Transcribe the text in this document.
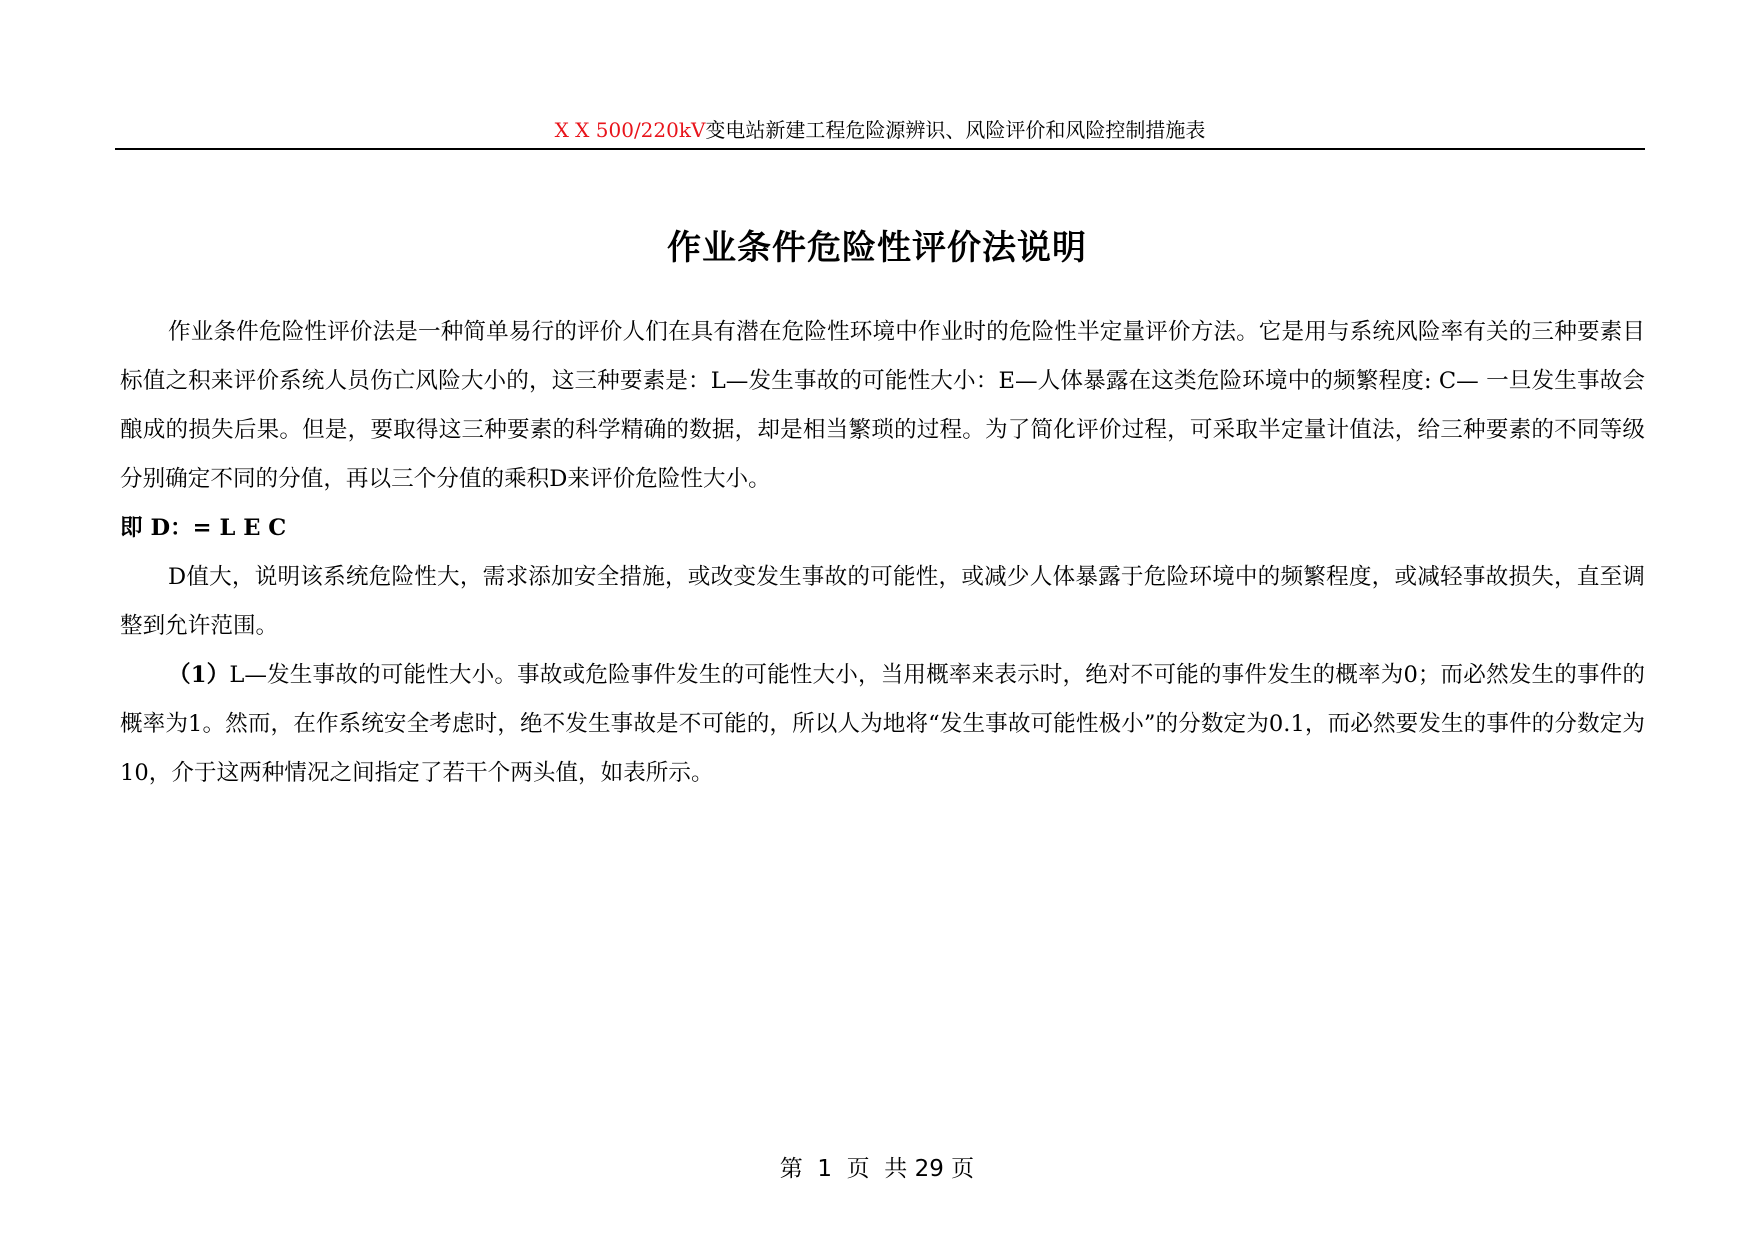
X X 500/220kV变电站新建工程危险源辨识、风险评价和风险控制措施表
作业条件危险性评价法说明

作业条件危险性评价法是一种简单易行的评价人们在具有潜在危险性环境中作业时的危险性半定量评价方法。它是用与系统风险率有关的三种要素目标值之积来评价系统人员伤亡风险大小的，这三种要素是：L—发生事故的可能性大小：E—人体暴露在这类危险环境中的频繁程度: C— 一旦发生事故会酿成的损失后果。但是，要取得这三种要素的科学精确的数据，却是相当繁琐的过程。为了简化评价过程，可采取半定量计值法，给三种要素的不同等级分别确定不同的分值，再以三个分值的乘积D来评价危险性大小。

即 D：= L E C

D值大，说明该系统危险性大，需求添加安全措施，或改变发生事故的可能性，或减少人体暴露于危险环境中的频繁程度，或减轻事故损失，直至调整到允许范围。

（1）L—发生事故的可能性大小。事故或危险事件发生的可能性大小，当用概率来表示时，绝对不可能的事件发生的概率为0；而必然发生的事件的概率为1。然而，在作系统安全考虑时，绝不发生事故是不可能的，所以人为地将“发生事故可能性极小”的分数定为0.1，而必然要发生的事件的分数定为10，介于这两种情况之间指定了若干个两头值，如表所示。

第  1  页  共 29 页
